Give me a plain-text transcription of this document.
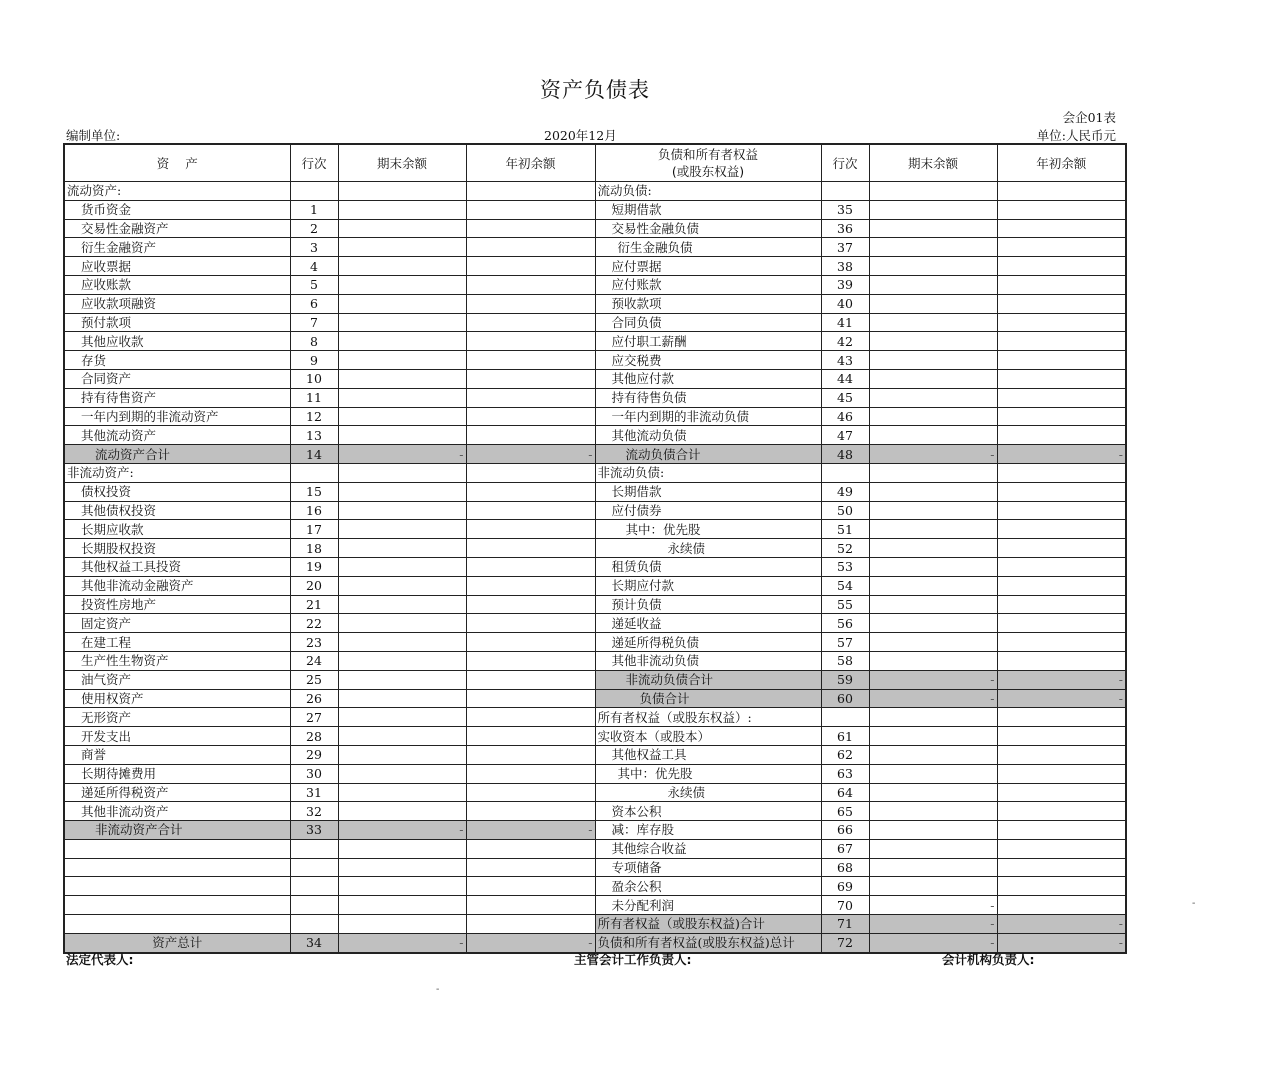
资产负债表
会企01表
编制单位:	2020年12月	单位:人民币元
资    产	行次	期末余额	年初余额	负债和所有者权益
(或股东权益)	行次	期末余额	年初余额
流动资产:				流动负债:			
货币资金	1			短期借款	35		
交易性金融资产	2			交易性金融负债	36		
衍生金融资产	3			衍生金融负债	37		
应收票据	4			应付票据	38		
应收账款	5			应付账款	39		
应收款项融资	6			预收款项	40		
预付款项	7			合同负债	41		
其他应收款	8			应付职工薪酬	42		
存货	9			应交税费	43		
合同资产	10			其他应付款	44		
持有待售资产	11			持有待售负债	45		
一年内到期的非流动资产	12			一年内到期的非流动负债	46		
其他流动资产	13			其他流动负债	47		
流动资产合计	14	-	-	流动负债合计	48	-	-
非流动资产:				非流动负债:			
债权投资	15			长期借款	49		
其他债权投资	16			应付债券	50		
长期应收款	17			其中：优先股	51		
长期股权投资	18			永续债	52		
其他权益工具投资	19			租赁负债	53		
其他非流动金融资产	20			长期应付款	54		
投资性房地产	21			预计负债	55		
固定资产	22			递延收益	56		
在建工程	23			递延所得税负债	57		
生产性生物资产	24			其他非流动负债	58		
油气资产	25			非流动负债合计	59	-	-
使用权资产	26			负债合计	60	-	-
无形资产	27			所有者权益（或股东权益）:			
开发支出	28			实收资本（或股本）	61		
商誉	29			其他权益工具	62		
长期待摊费用	30			其中：优先股	63		
递延所得税资产	31			永续债	64		
其他非流动资产	32			资本公积	65		
非流动资产合计	33	-	-	减：库存股	66		
				其他综合收益	67		
				专项储备	68		
				盈余公积	69		
				未分配利润	70	-	
				所有者权益（或股东权益)合计	71	-	-
资产总计	34	-	-	负债和所有者权益(或股东权益)总计	72	-	-
法定代表人:	主管会计工作负责人:	会计机构负责人:
-
-
